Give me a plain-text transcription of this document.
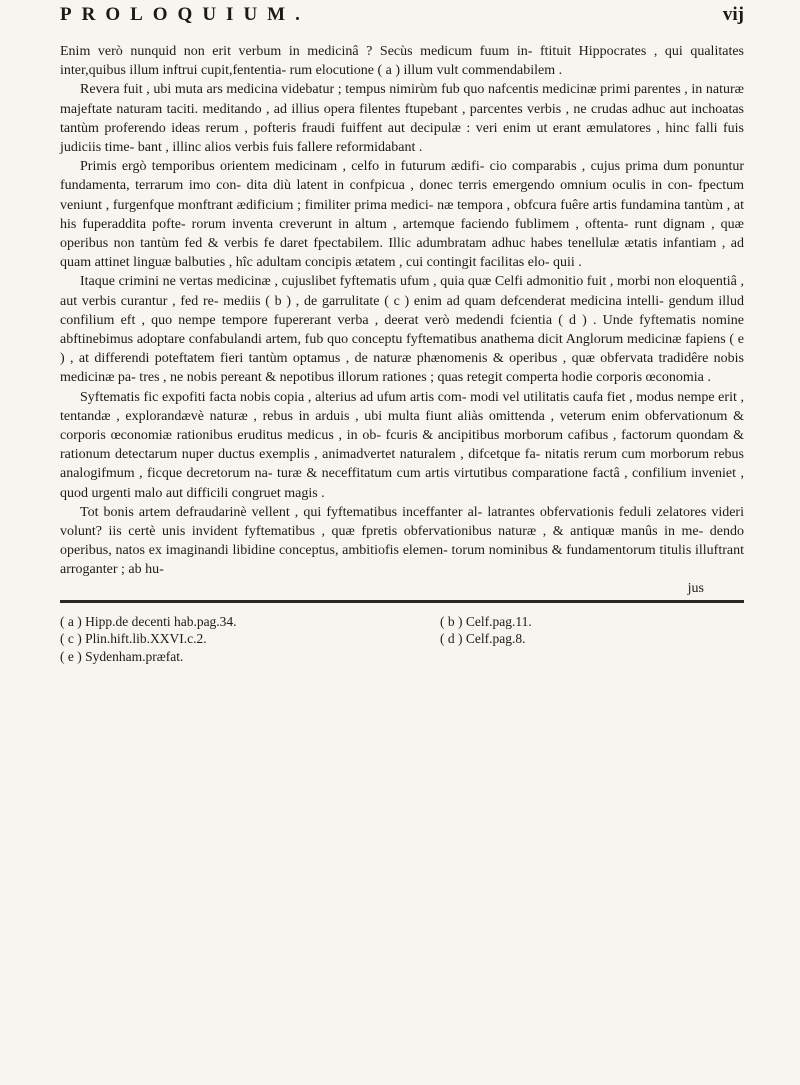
PROLOQUIUM.	vij

Enim verò nunquid non erit verbum in medicinâ ? Secùs medicum fuum in- ftituit Hippocrates , qui qualitates inter,quibus illum inftrui cupit,fententia- rum elocutione ( a ) illum vult commendabilem .

Revera fuit , ubi muta ars medicina videbatur ; tempus nimirùm fub quo nafcentis medicinæ primi parentes , in naturæ majeftate naturam taciti. meditando , ad illius opera filentes ftupebant , parcentes verbis , ne crudas adhuc aut inchoatas tantùm proferendo ideas rerum , pofteris fraudi fuiffent aut decipulæ : veri enim ut erant æmulatores , hinc falli fuis judiciis time- bant , illinc alios verbis fuis fallere reformidabant .

Primis ergò temporibus orientem medicinam , celfo in futurum ædifi- cio comparabis , cujus prima dum ponuntur fundamenta, terrarum imo con- dita diù latent in confpicua , donec terris emergendo omnium oculis in con- fpectum veniunt , furgenfque monftrant ædificium ; fimiliter prima medici- næ tempora , obfcura fuêre artis fundamina tantùm , at his fuperaddita pofte- rorum inventa creverunt in altum , artemque faciendo fublimem , oftenta- runt dignam , quæ operibus non tantùm fed & verbis fe daret fpectabilem. Illic adumbratam adhuc habes tenellulæ ætatis infantiam , ad quam attinet linguæ balbuties , hîc adultam concipis ætatem , cui contingit facilitas elo- quii .

Itaque crimini ne vertas medicinæ , cujuslibet fyftematis ufum , quia quæ Celfi admonitio fuit , morbi non eloquentiâ , aut verbis curantur , fed re- mediis ( b ) , de garrulitate ( c ) enim ad quam defcenderat medicina intelli- gendum illud confilium eft , quo nempe tempore fupererant verba , deerat verò medendi fcientia ( d ) . Unde fyftematis nomine abftinebimus adoptare confabulandi artem, fub quo conceptu fyftematibus anathema dicit Anglorum medicinæ fapiens ( e ) , at differendi poteftatem fieri tantùm optamus , de naturæ phænomenis & operibus , quæ obfervata tradidêre nobis medicinæ pa- tres , ne nobis pereant & nepotibus illorum rationes ; quas retegit comperta hodie corporis œconomia .

Syftematis fic expofiti facta nobis copia , alterius ad ufum artis com- modi vel utilitatis caufa fiet , modus nempe erit , tentandæ , explorandævè naturæ , rebus in arduis , ubi multa fiunt aliàs omittenda , veterum enim obfervationum & corporis œconomiæ rationibus eruditus medicus , in ob- fcuris & ancipitibus morborum cafibus , factorum quondam & rationum detectarum nuper ductus exemplis , animadvertet naturalem , difcetque fa- nitatis rerum cum morborum rebus analogifmum , ficque decretorum na- turæ & neceffitatum cum artis virtutibus comparatione factâ , confilium inveniet , quod urgenti malo aut difficili congruet magis .

Tot bonis artem defraudarinè vellent , qui fyftematibus inceffanter al- latrantes obfervationis feduli zelatores videri volunt? iis certè unis invident fyftematibus , quæ fpretis obfervationibus naturæ , & antiquæ manûs in me- dendo operibus, natos ex imaginandi libidine conceptus, ambitiofis elemen- torum nominibus & fundamentorum titulis illuftrant arroganter ; ab hu-

jus
( a ) Hipp.de decenti hab.pag.34.	( b ) Celf.pag.11.
( c ) Plin.hift.lib.XXVI.c.2.	( d ) Celf.pag.8.
( e ) Sydenham.præfat.
